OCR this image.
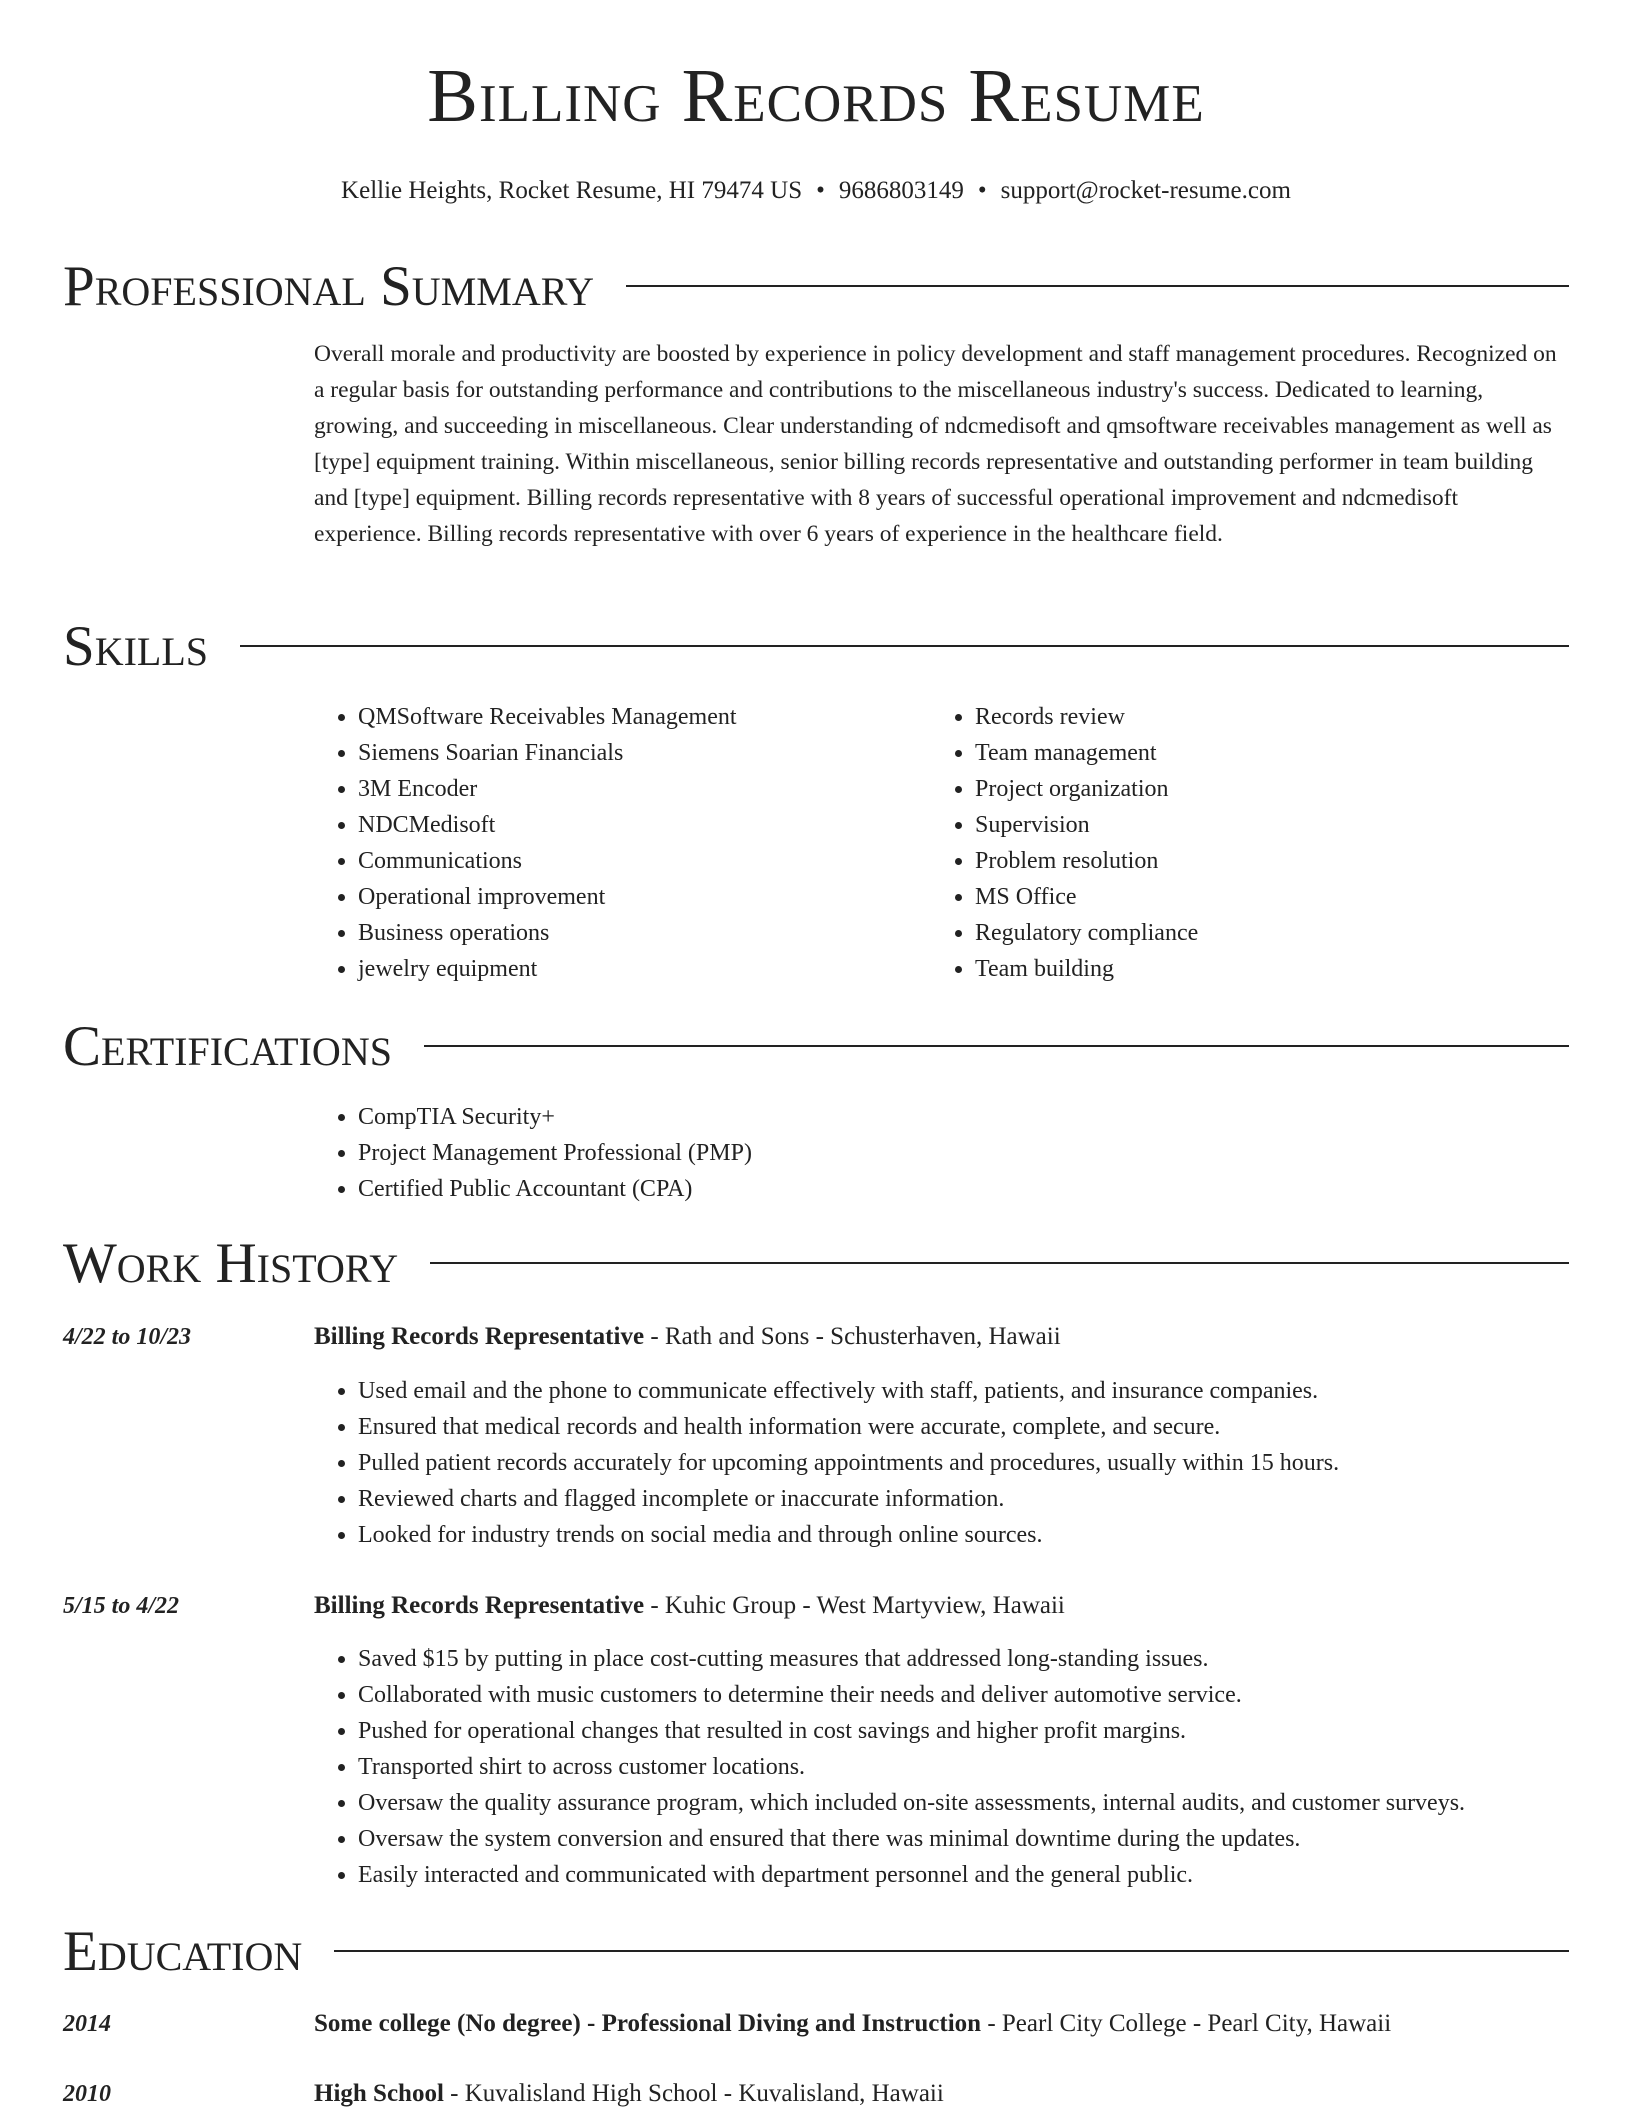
Billing Records Resume
Kellie Heights, Rocket Resume, HI 79474 US • 9686803149 • support@rocket-resume.com
Professional Summary

Overall morale and productivity are boosted by experience in policy development and staff management procedures. Recognized on a regular basis for outstanding performance and contributions to the miscellaneous industry's success. Dedicated to learning, growing, and succeeding in miscellaneous. Clear understanding of ndcmedisoft and qmsoftware receivables management as well as [type] equipment training. Within miscellaneous, senior billing records representative and outstanding performer in team building and [type] equipment. Billing records representative with 8 years of successful operational improvement and ndcmedisoft experience. Billing records representative with over 6 years of experience in the healthcare field.

Skills
• QMSoftware Receivables Management
• Siemens Soarian Financials
• 3M Encoder
• NDCMedisoft
• Communications
• Operational improvement
• Business operations
• jewelry equipment
• Records review
• Team management
• Project organization
• Supervision
• Problem resolution
• MS Office
• Regulatory compliance
• Team building
Certifications
• CompTIA Security+
• Project Management Professional (PMP)
• Certified Public Accountant (CPA)
Work History
4/22 to 10/23	Billing Records Representative - Rath and Sons - Schusterhaven, Hawaii
• Used email and the phone to communicate effectively with staff, patients, and insurance companies.
• Ensured that medical records and health information were accurate, complete, and secure.
• Pulled patient records accurately for upcoming appointments and procedures, usually within 15 hours.
• Reviewed charts and flagged incomplete or inaccurate information.
• Looked for industry trends on social media and through online sources.
5/15 to 4/22	Billing Records Representative - Kuhic Group - West Martyview, Hawaii
• Saved $15 by putting in place cost-cutting measures that addressed long-standing issues.
• Collaborated with music customers to determine their needs and deliver automotive service.
• Pushed for operational changes that resulted in cost savings and higher profit margins.
• Transported shirt to across customer locations.
• Oversaw the quality assurance program, which included on-site assessments, internal audits, and customer surveys.
• Oversaw the system conversion and ensured that there was minimal downtime during the updates.
• Easily interacted and communicated with department personnel and the general public.
Education
2014	Some college (No degree) - Professional Diving and Instruction - Pearl City College - Pearl City, Hawaii
2010	High School - Kuvalisland High School - Kuvalisland, Hawaii
